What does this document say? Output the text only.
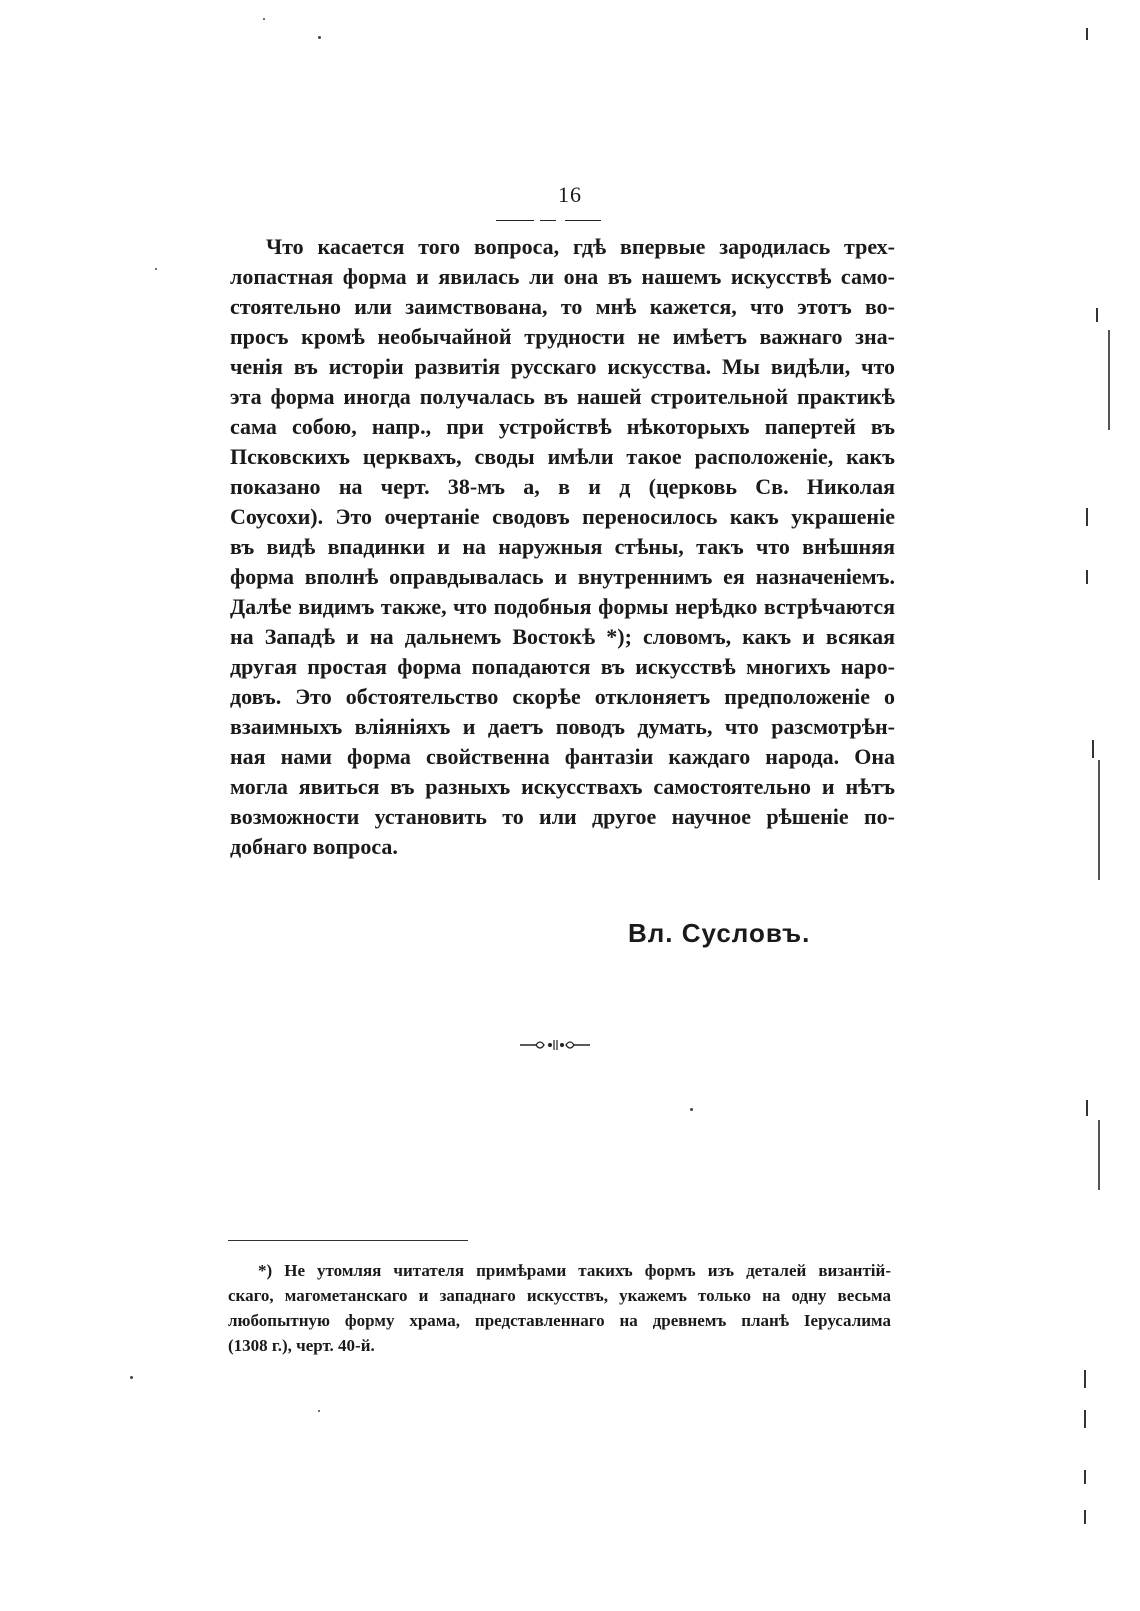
16
Что касается того вопроса, гдѣ впервые зародилась трех-
лопастная форма и явилась ли она въ нашемъ искусствѣ само-
стоятельно или заимствована, то мнѣ кажется, что этотъ во-
просъ кромѣ необычайной трудности не имѣетъ важнаго зна-
ченія въ исторіи развитія русскаго искусства. Мы видѣли, что
эта форма иногда получалась въ нашей строительной практикѣ
сама собою, напр., при устройствѣ нѣкоторыхъ папертей въ
Псковскихъ церквахъ, своды имѣли такое расположеніе, какъ
показано на черт. 38-мъ а, в и д (церковь Св. Николая
Соусохи). Это очертаніе сводовъ переносилось какъ украшеніе
въ видѣ впадинки и на наружныя стѣны, такъ что внѣшняя
форма вполнѣ оправдывалась и внутреннимъ ея назначеніемъ.
Далѣе видимъ также, что подобныя формы нерѣдко встрѣчаются
на Западѣ и на дальнемъ Востокѣ *); словомъ, какъ и всякая
другая простая форма попадаются въ искусствѣ многихъ наро-
довъ. Это обстоятельство скорѣе отклоняетъ предположеніе о
взаимныхъ вліяніяхъ и даетъ поводъ думать, что разсмотрѣн-
ная нами форма свойственна фантазіи каждаго народа. Она
могла явиться въ разныхъ искусствахъ самостоятельно и нѣтъ
возможности установить то или другое научное рѣшеніе по-
добнаго вопроса.
Вл. Сусловъ.
*) Не утомляя читателя примѣрами такихъ формъ изъ деталей византій-
скаго, магометанскаго и западнаго искусствъ, укажемъ только на одну весьма
любопытную форму храма, представленнаго на древнемъ планѣ Іерусалима
(1308 г.), черт. 40-й.
